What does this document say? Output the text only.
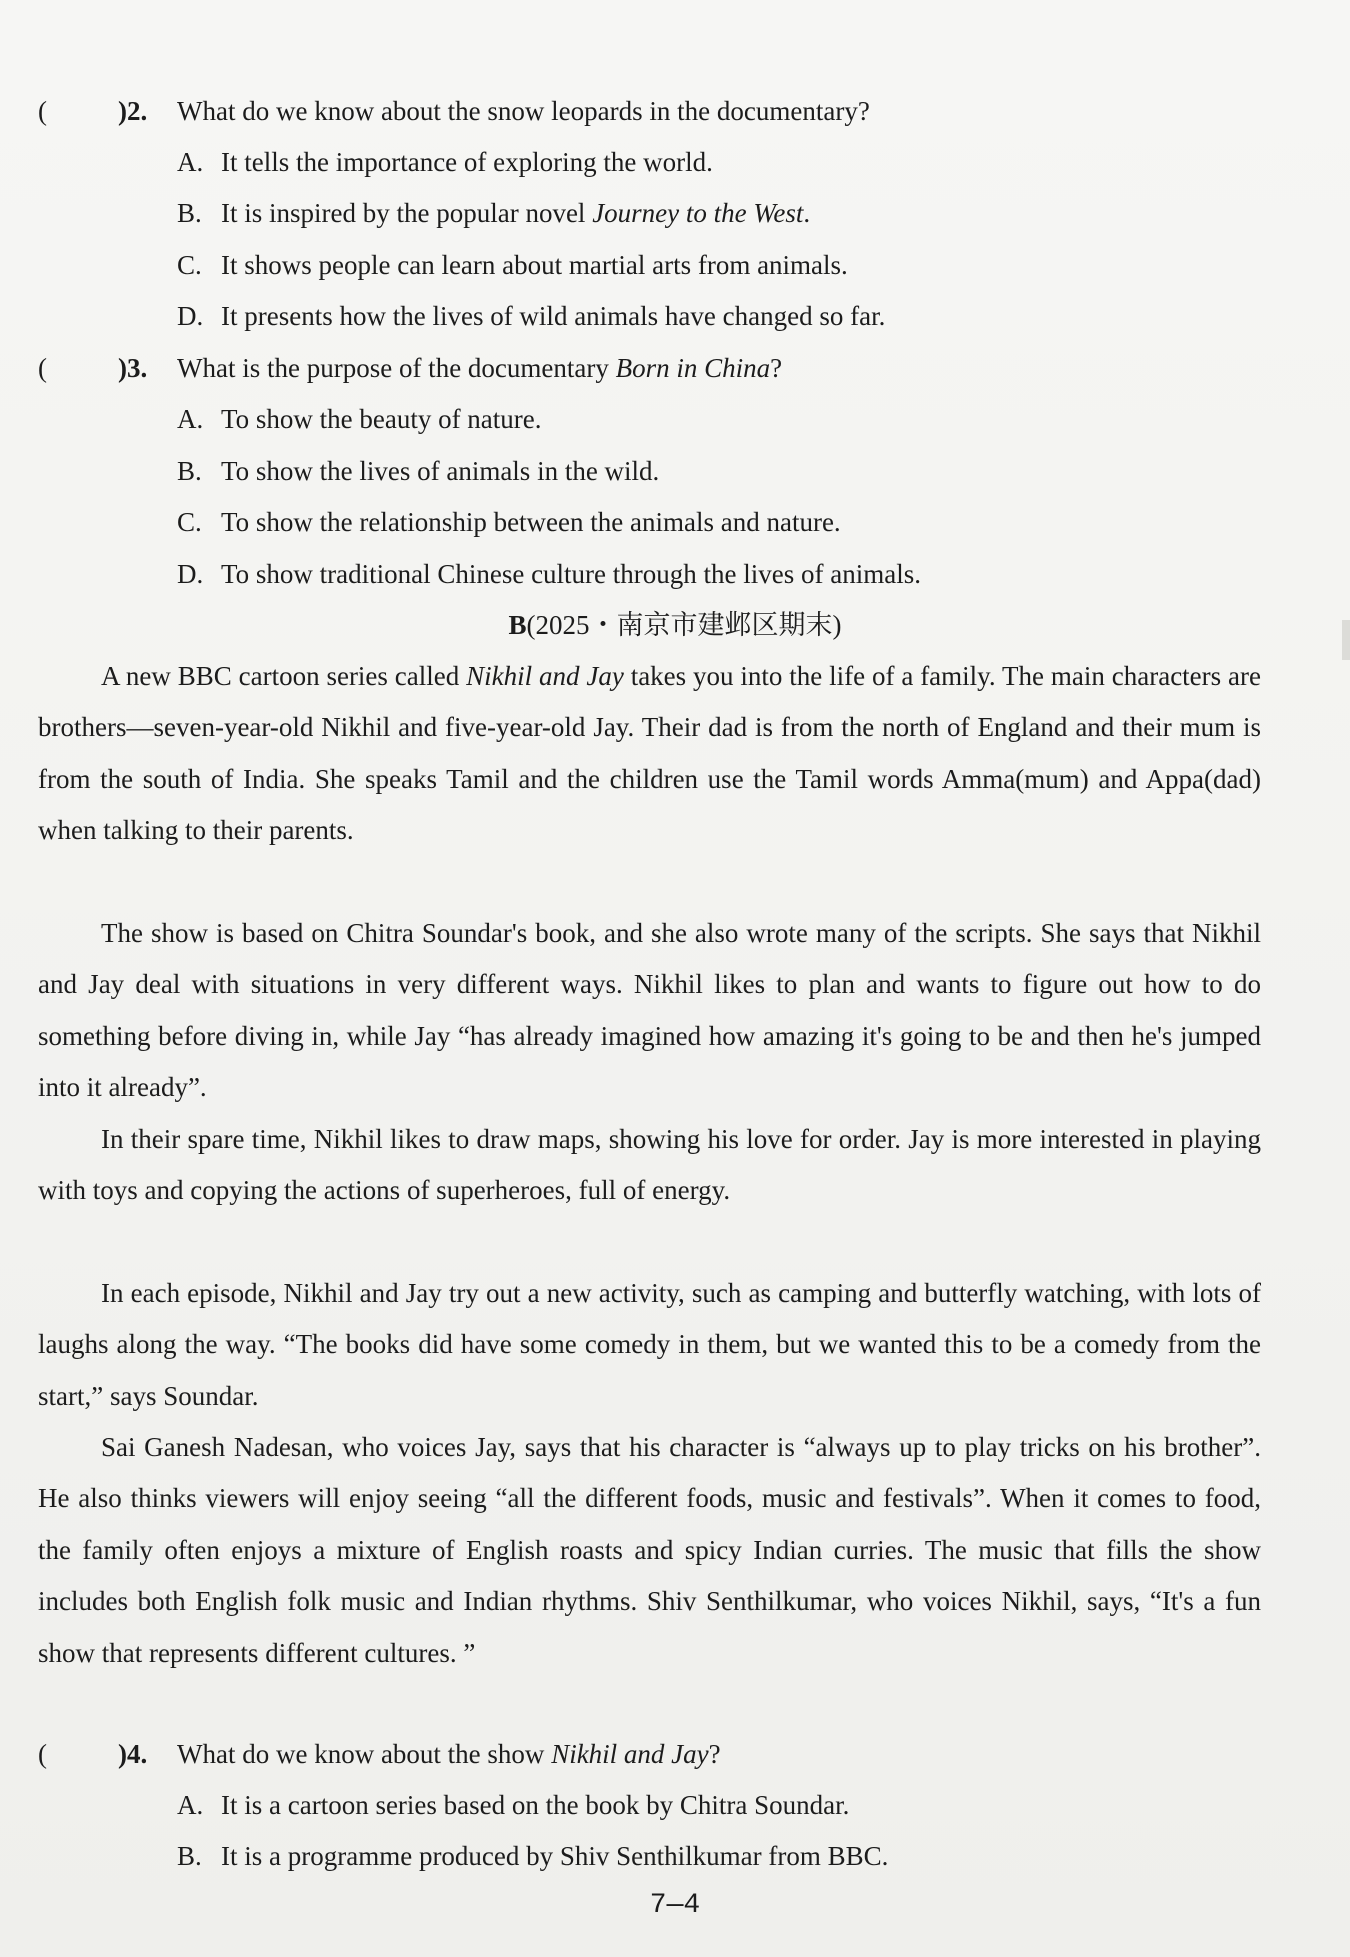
(	)2. What do we know about the snow leopards in the documentary?
A. It tells the importance of exploring the world.
B. It is inspired by the popular novel Journey to the West.
C. It shows people can learn about martial arts from animals.
D. It presents how the lives of wild animals have changed so far.
(	)3. What is the purpose of the documentary Born in China?
A. To show the beauty of nature.
B. To show the lives of animals in the wild.
C. To show the relationship between the animals and nature.
D. To show traditional Chinese culture through the lives of animals.
B(2025・南京市建邺区期末)
A new BBC cartoon series called Nikhil and Jay takes you into the life of a family. The main characters are brothers—seven-year-old Nikhil and five-year-old Jay. Their dad is from the north of England and their mum is from the south of India. She speaks Tamil and the children use the Tamil words Amma(mum) and Appa(dad) when talking to their parents.
The show is based on Chitra Soundar's book, and she also wrote many of the scripts. She says that Nikhil and Jay deal with situations in very different ways. Nikhil likes to plan and wants to figure out how to do something before diving in, while Jay “has already imagined how amazing it's going to be and then he's jumped into it already”.
In their spare time, Nikhil likes to draw maps, showing his love for order. Jay is more interested in playing with toys and copying the actions of superheroes, full of energy.
In each episode, Nikhil and Jay try out a new activity, such as camping and butterfly watching, with lots of laughs along the way. “The books did have some comedy in them, but we wanted this to be a comedy from the start,” says Soundar.
Sai Ganesh Nadesan, who voices Jay, says that his character is “always up to play tricks on his brother”. He also thinks viewers will enjoy seeing “all the different foods, music and festivals”. When it comes to food, the family often enjoys a mixture of English roasts and spicy Indian curries. The music that fills the show includes both English folk music and Indian rhythms. Shiv Senthilkumar, who voices Nikhil, says, “It's a fun show that represents different cultures. ”
(	)4. What do we know about the show Nikhil and Jay?
A. It is a cartoon series based on the book by Chitra Soundar.
B. It is a programme produced by Shiv Senthilkumar from BBC.
7—4
